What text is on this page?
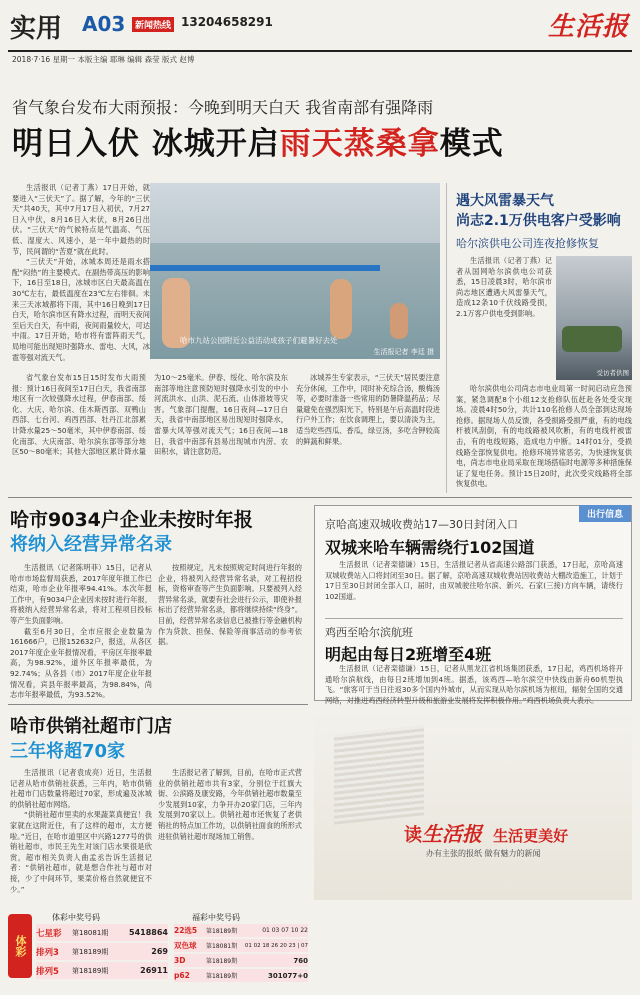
实用 A03	新闻热线 13204658291	生活报
2018·7·16 星期一 本版主编 耶琳 编辑 森莹 版式 赵博
省气象台发布大雨预报：今晚到明天白天 我省南部有强降雨
明日入伏 冰城开启雨天蒸桑拿模式

生活报讯（记者丁燕）17日开始，就要进入“三伏天”了。据了解，今年的“三伏天”共40天，其中7月17日入初伏，7月27日入中伏，8月16日入末伏，8月26日出伏。“三伏天”的气候特点是气温高、气压低、湿度大、风速小，是一年中最热的时节，民间谓的“苦夏”就在此时。

“三伏天”开始，冰城本周还是雨水搭配“闷热”的主要模式。在副热带高压的影响下，16日至18日，冰城市区白天最高温在30℃左右，最低温度在23℃左右徘徊。未来三天冰城都将下雨，其中16日晚到17日白天，哈尔滨市区有降水过程，而明天夜间至后天白天，有中雨，夜间雨量较大，可达中雨。17日开始，哈市将有雷阵雨天气，局地可能出现短时强降水、雷电、大风，冰雹等强对流天气。

哈市九站公园附近公益活动成孩子们避暑好去处
生活报记者 李廷 摄

省气象台发布15日15时发布大雨预报：预计16日夜间至17日白天，我省南部地区有一次较强降水过程，伊春南部、绥化、大庆、哈尔滨、佳木斯西部、双鸭山西部、七台河、鸡西西部、牡丹江北部累计降水量25～50毫米，其中伊春南部、绥化南部、大庆南部、哈尔滨东部等部分地区50～80毫米；其他大部地区累计降水量为10～25毫米。伊春、绥化、哈尔滨及东南部等地注意预防短时强降水引发的中小河流洪水、山洪、泥石流、山体滑坡等灾害。气象部门提醒，16日夜间—17日白天，我省中南部地区易出现短时强降水，雷暴大风等强对流天气；16日夜间—18日，我省中南部有县易出现城市内涝、农田积水，请注意防范。

冰城养生专家表示，“三伏天”居民要注意充分休闲，工作中，同时补充综合汤，酸梅汤等，必要时准备一些常用的防暑降温药品；尽量避免在强烈阳光下，特别是午后高温时段进行户外工作；在饮食调理上，要以清淡为主，适当吃些西瓜、香瓜，绿豆汤，多吃含钾较高的鲜蔬和鲜果。

遇大风雷暴天气
尚志2.1万供电客户受影响
哈尔滨供电公司连夜抢修恢复

生活报讯（记者丁燕）记者从国网哈尔滨供电公司获悉，15日凌晨3时，哈尔滨市尚志地区遭遇大风雷暴天气，造成12条10千伏线路受损，2.1万客户供电受到影响。

受访者供图

哈尔滨供电公司尚志市电业局第一时间启动应急预案，紧急调配8个小组12支抢修队伍赶赴各处受灾现场。凌晨4时50分，共计110名抢修人员全部到达现场抢修。据现场人员反馈，各受损路受损严重，有的电线杆被风刮倒，有的电线路被风吹断，有的电线杆被雷击，有的电线短路，造成电力中断。14时01分，受损线路全部恢复供电。抢修环境异常恶劣，为快速恢复供电，尚志市电业局采取在现场搭临时电源等多种措施保证了复电任务。预计15日20时，此次受灾线路将全部恢复供电。

哈市9034户企业未按时年报
将纳入经营异常名录

生活报讯（记者陈明菲）15日，记者从哈市市场监督局获悉，2017年度年报工作已结束，哈市企业年报率94.41%。本次年报工作中，有9034户企业因未按时进行年报，将被纳入经营异常名录，将对工程项目投标等产生负面影响。

截至6月30日，全市应报企业数量为161666户，已报152632户，报送，从各区2017年度企业年报情况看，平房区年报率最高，为98.92%，道外区年报率最低，为92.74%；从各县（市）2017年度企业年报情况看，宾县年报率最高，为98.84%，尚志市年报率最低，为93.52%。

按照规定，凡未按照规定时间进行年报的企业，将被列入经营异常名录，对工程招投标，资格审查等产生负面影响。只要被列入经营异常名录，就要有社会进行公示，即使补报标出了经营异常名录，都将继续持续“终身”。目前，经营异常名录信息已被推行等金融机构作为贷款、担保、保险等商事活动的参考依据。

出行信息
京哈高速双城收费站17—30日封闭入口
双城来哈车辆需绕行102国道
生活报讯（记者栾德谦）15日，生活报记者从省高速公路部门获悉，17日起，京哈高速双城收费站入口将封闭至30日。据了解，京哈高速双城收费站因收费站大棚改造施工，计划于17日至30日封闭全部入口，届时，由双城驶往哈尔滨、新兴、石家(三接)方向车辆，请绕行102国道。
鸡西至哈尔滨航班
明起由每日2班增至4班
生活报讯（记者栾德谦）15日，记者从黑龙江省机场集团获悉，17日起，鸡西机场将开通哈尔滨航线，由每日2班增加到4班。据悉，该鸡西—哈尔滨空中快线由新舟60机型执飞。“旅客可于当日往返30多个国内外城市，从而实现从哈尔滨机场为枢纽，辐射全国的交通网络，对推进鸡西经济转型升级和旅游业发展将发挥积极作用。”鸡西机场负责人表示。
哈市供销社超市门店
三年将超70家

生活报讯（记者袁成亮）近日，生活报记者从哈市供销社获悉，三年内，哈市供销社超市门店数量将超过70家，形成遍及冰城的供销社超市网络。

“供销社超市里卖的水果蔬菜真便宜！我家就在这附近住，有了这样的超市，太方便啦。”近日，在哈市道里区中兴路1277号的供销社超市，市民王先生对该门店水果很是欣赏，超市相关负责人曲孟丞告诉生活报记者：“供销社超市，就是想合作社与超市对接，少了中间环节，果菜价格自然就便宜不少。”

生活报记者了解到，目前，在哈市正式营业的供销社超市共有3家，分别位于红旗大街、公滨路及康安路，今年供销社超市数量至少发展到10家，力争开办20家门店，三年内发展到70家以上。供销社超市还恢复了老供销社的特点加工作坊，以供销社面食的所形式进驻供销社超市现场加工销售。	读生活报 生活更美好
办有主张的报纸 做有魅力的新闻
体彩
体彩中奖号码
七星彩	第18081期	5418864
排列3	第18189期	269
排列5	第18189期	26911
福彩中奖号码
22选5	第18189期	01 03 07 10 22
双色球	第18081期	01 02 18 26 20 23 | 07
3D	第18189期	760
p62	第18189期	301077+0
